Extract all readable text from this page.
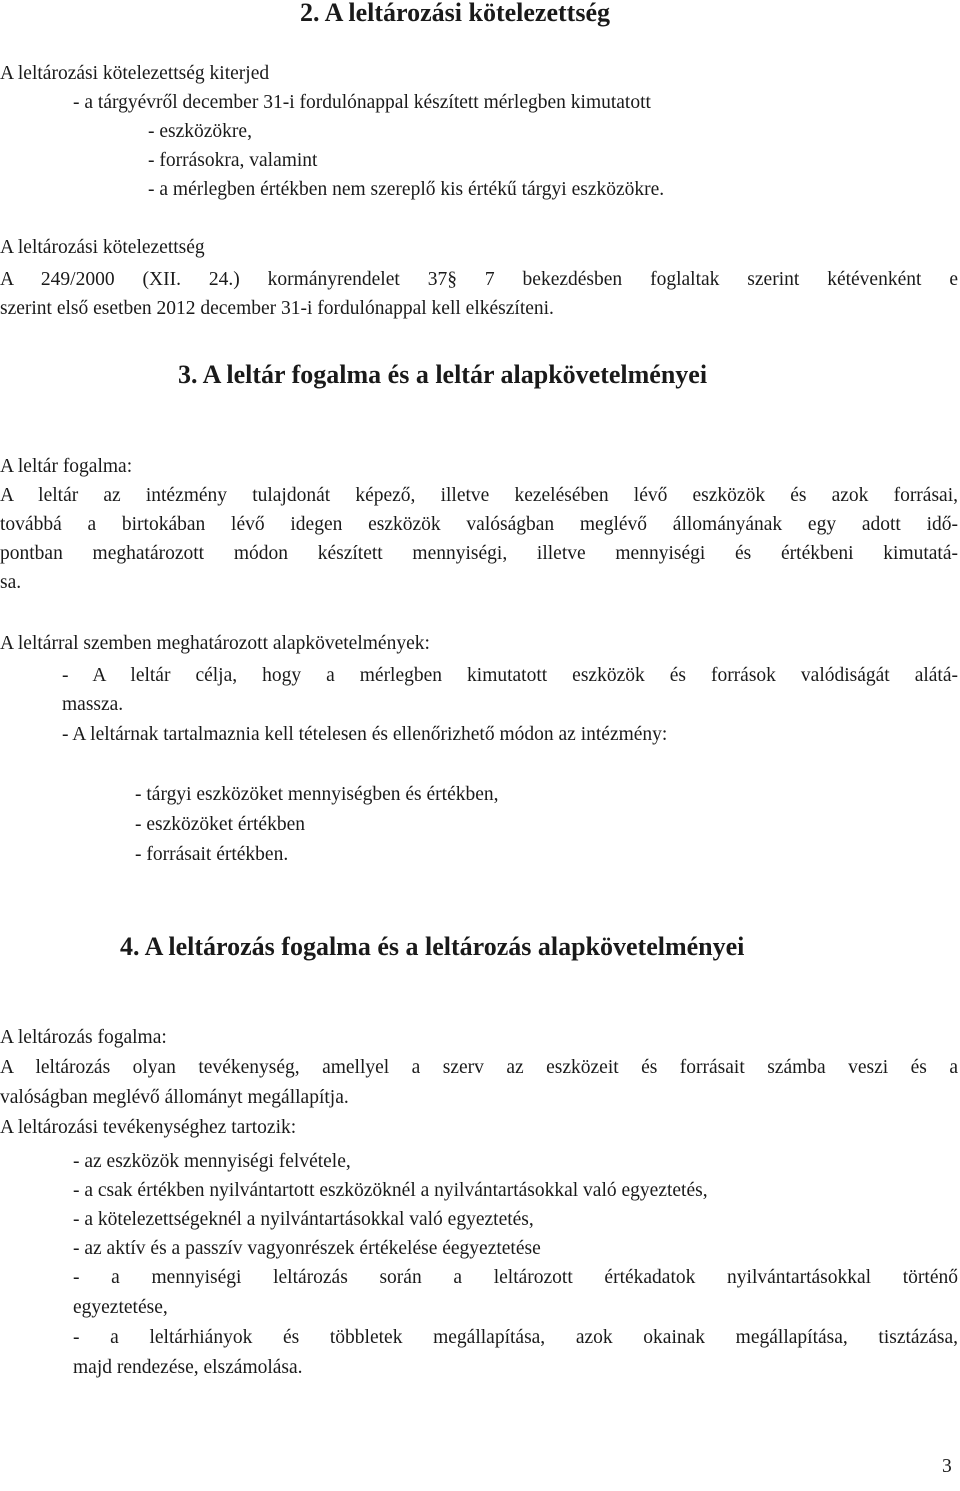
2. A leltározási kötelezettség
A leltározási kötelezettség kiterjed
- a tárgyévről december 31-i fordulónappal készített mérlegben kimutatott
- eszközökre,
- forrásokra, valamint
- a mérlegben értékben nem szereplő kis értékű tárgyi eszközökre.
A leltározási kötelezettség
A 249/2000 (XII. 24.) kormányrendelet 37§ 7 bekezdésben foglaltak szerint kétévenként e
szerint első esetben 2012 december 31-i fordulónappal kell elkészíteni.
3. A leltár fogalma és a leltár alapkövetelményei
A leltár fogalma:
A leltár az intézmény tulajdonát képező, illetve kezelésében lévő eszközök és azok forrásai,
továbbá a birtokában lévő idegen eszközök valóságban meglévő állományának egy adott idő-
pontban meghatározott módon készített mennyiségi, illetve mennyiségi és értékbeni kimutatá-
sa.
A leltárral szemben meghatározott alapkövetelmények:
- A leltár célja, hogy a mérlegben kimutatott eszközök és források valódiságát alátá-
massza.
- A leltárnak tartalmaznia kell tételesen és ellenőrizhető módon az intézmény:
- tárgyi eszközöket mennyiségben és értékben,
- eszközöket értékben
- forrásait értékben.
4. A leltározás fogalma és a leltározás alapkövetelményei
A leltározás fogalma:
A leltározás olyan tevékenység, amellyel a szerv az eszközeit és forrásait számba veszi és a
valóságban meglévő állományt megállapítja.
A leltározási tevékenységhez tartozik:
- az eszközök mennyiségi felvétele,
- a csak értékben nyilvántartott eszközöknél a nyilvántartásokkal való egyeztetés,
- a kötelezettségeknél a nyilvántartásokkal való egyeztetés,
- az aktív és a passzív vagyonrészek értékelése éegyeztetése
- a mennyiségi leltározás során a leltározott értékadatok nyilvántartásokkal történő
egyeztetése,
- a leltárhiányok és többletek megállapítása, azok okainak megállapítása, tisztázása,
majd rendezése, elszámolása.
3
